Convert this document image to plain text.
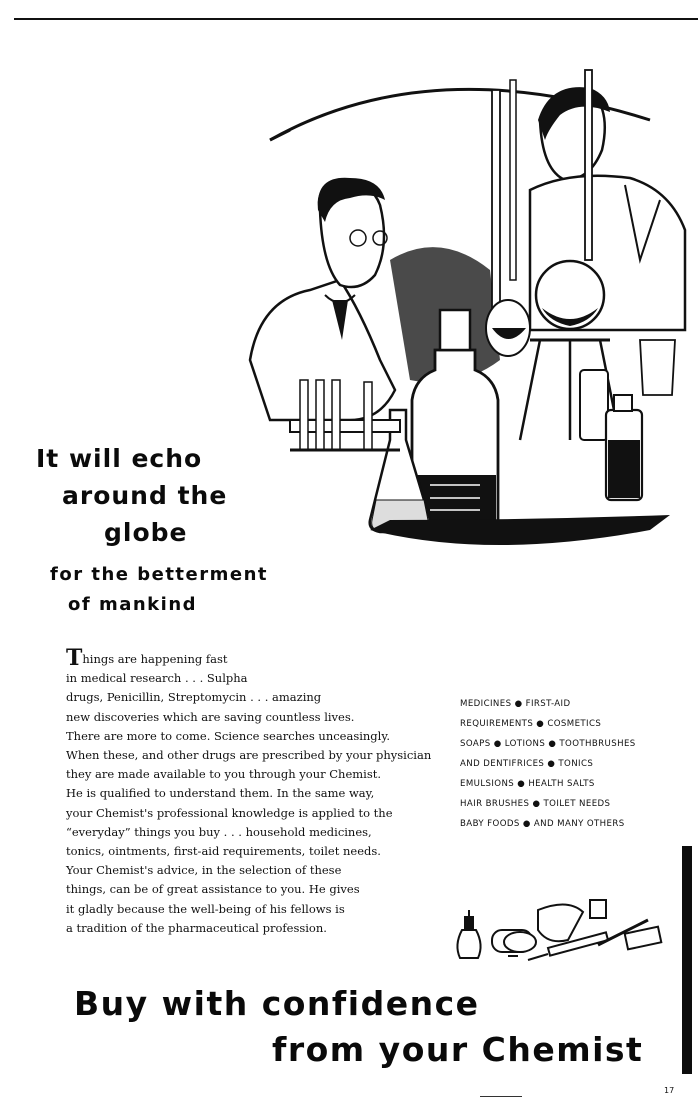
It will echo
around the
globe
for the betterment
of mankind
Things are happening fast
in medical research . . . Sulpha
drugs, Penicillin, Streptomycin . . . amazing
new discoveries which are saving countless lives.
There are more to come. Science searches unceasingly.
When these, and other drugs are prescribed by your physician
they are made available to you through your Chemist.
He is qualified to understand them. In the same way,
your Chemist's professional knowledge is applied to the
“everyday” things you buy . . . household medicines,
tonics, ointments, first-aid requirements, toilet needs.
Your Chemist's advice, in the selection of these
things, can be of great assistance to you. He gives
it gladly because the well-being of his fellows is
a tradition of the pharmaceutical profession.
MEDICINES ● FIRST-AID
REQUIREMENTS ● COSMETICS
SOAPS ● LOTIONS ● TOOTHBRUSHES
AND DENTIFRICES ● TONICS
EMULSIONS ● HEALTH SALTS
HAIR BRUSHES ● TOILET NEEDS
BABY FOODS ● AND MANY OTHERS
Buy with confidence
from your Chemist
17
